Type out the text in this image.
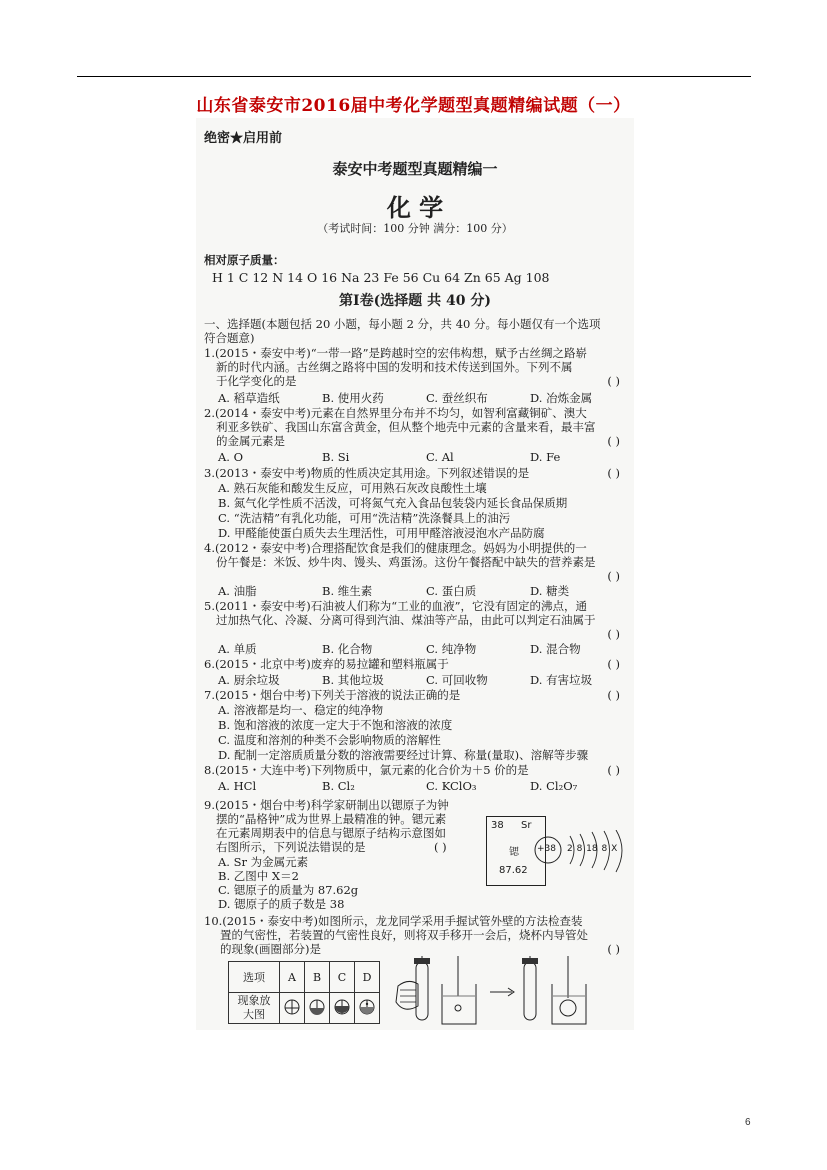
山东省泰安市2016届中考化学题型真题精编试题（一）
绝密★启用前
泰安中考题型真题精编一
化 学
（考试时间：100 分钟 满分：100 分）
相对原子质量：
H 1 C 12 N 14 O 16 Na 23 Fe 56 Cu 64 Zn 65 Ag 108
第Ⅰ卷(选择题 共 40 分)
一、选择题(本题包括 20 小题，每小题 2 分，共 40 分。每小题仅有一个选项
符合题意)
1.(2015・泰安中考)“一带一路”是跨越时空的宏伟构想，赋予古丝绸之路崭
新的时代内涵。古丝绸之路将中国的发明和技术传送到国外。下列不属
于化学变化的是	( )
A. 稻草造纸	B. 使用火药	C. 蚕丝织布	D. 冶炼金属
2.(2014・泰安中考)元素在自然界里分布并不均匀，如智利富藏铜矿、澳大
利亚多铁矿、我国山东富含黄金，但从整个地壳中元素的含量来看，最丰富
的金属元素是	( )
A. O	B. Si	C. Al	D. Fe
3.(2013・泰安中考)物质的性质决定其用途。下列叙述错误的是	( )
A. 熟石灰能和酸发生反应，可用熟石灰改良酸性土壤
B. 氮气化学性质不活泼，可将氮气充入食品包装袋内延长食品保质期
C. “洗洁精”有乳化功能，可用“洗洁精”洗涤餐具上的油污
D. 甲醛能使蛋白质失去生理活性，可用甲醛溶液浸泡水产品防腐
4.(2012・泰安中考)合理搭配饮食是我们的健康理念。妈妈为小明提供的一
份午餐是：米饭、炒牛肉、馒头、鸡蛋汤。这份午餐搭配中缺失的营养素是
( )
A. 油脂	B. 维生素	C. 蛋白质	D. 糖类
5.(2011・泰安中考)石油被人们称为“工业的血液”，它没有固定的沸点，通
过加热气化、冷凝、分离可得到汽油、煤油等产品，由此可以判定石油属于
( )
A. 单质	B. 化合物	C. 纯净物	D. 混合物
6.(2015・北京中考)废弃的易拉罐和塑料瓶属于	( )
A. 厨余垃圾	B. 其他垃圾	C. 可回收物	D. 有害垃圾
7.(2015・烟台中考)下列关于溶液的说法正确的是	( )
A. 溶液都是均一、稳定的纯净物
B. 饱和溶液的浓度一定大于不饱和溶液的浓度
C. 温度和溶剂的种类不会影响物质的溶解性
D. 配制一定溶质质量分数的溶液需要经过计算、称量(量取)、溶解等步骤
8.(2015・大连中考)下列物质中，氯元素的化合价为＋5 价的是	( )
A. HCl	B. Cl₂	C. KClO₃	D. Cl₂O₇
9.(2015・烟台中考)科学家研制出以锶原子为钟
摆的“晶格钟”成为世界上最精准的钟。锶元素
在元素周期表中的信息与锶原子结构示意图如
右图所示，下列说法错误的是	( )
A. Sr 为金属元素
B. 乙图中 X＝2
C. 锶原子的质量为 87.62g
D. 锶原子的质子数是 38
38 Sr
锶
87.62
+38 2 8 18 8 X
10.(2015・泰安中考)如图所示，龙龙同学采用手握试管外壁的方法检查装
置的气密性，若装置的气密性良好，则将双手移开一会后，烧杯内导管处
的现象(画圈部分)是	( )
选项	A	B	C	D
现象放
大图				
6
